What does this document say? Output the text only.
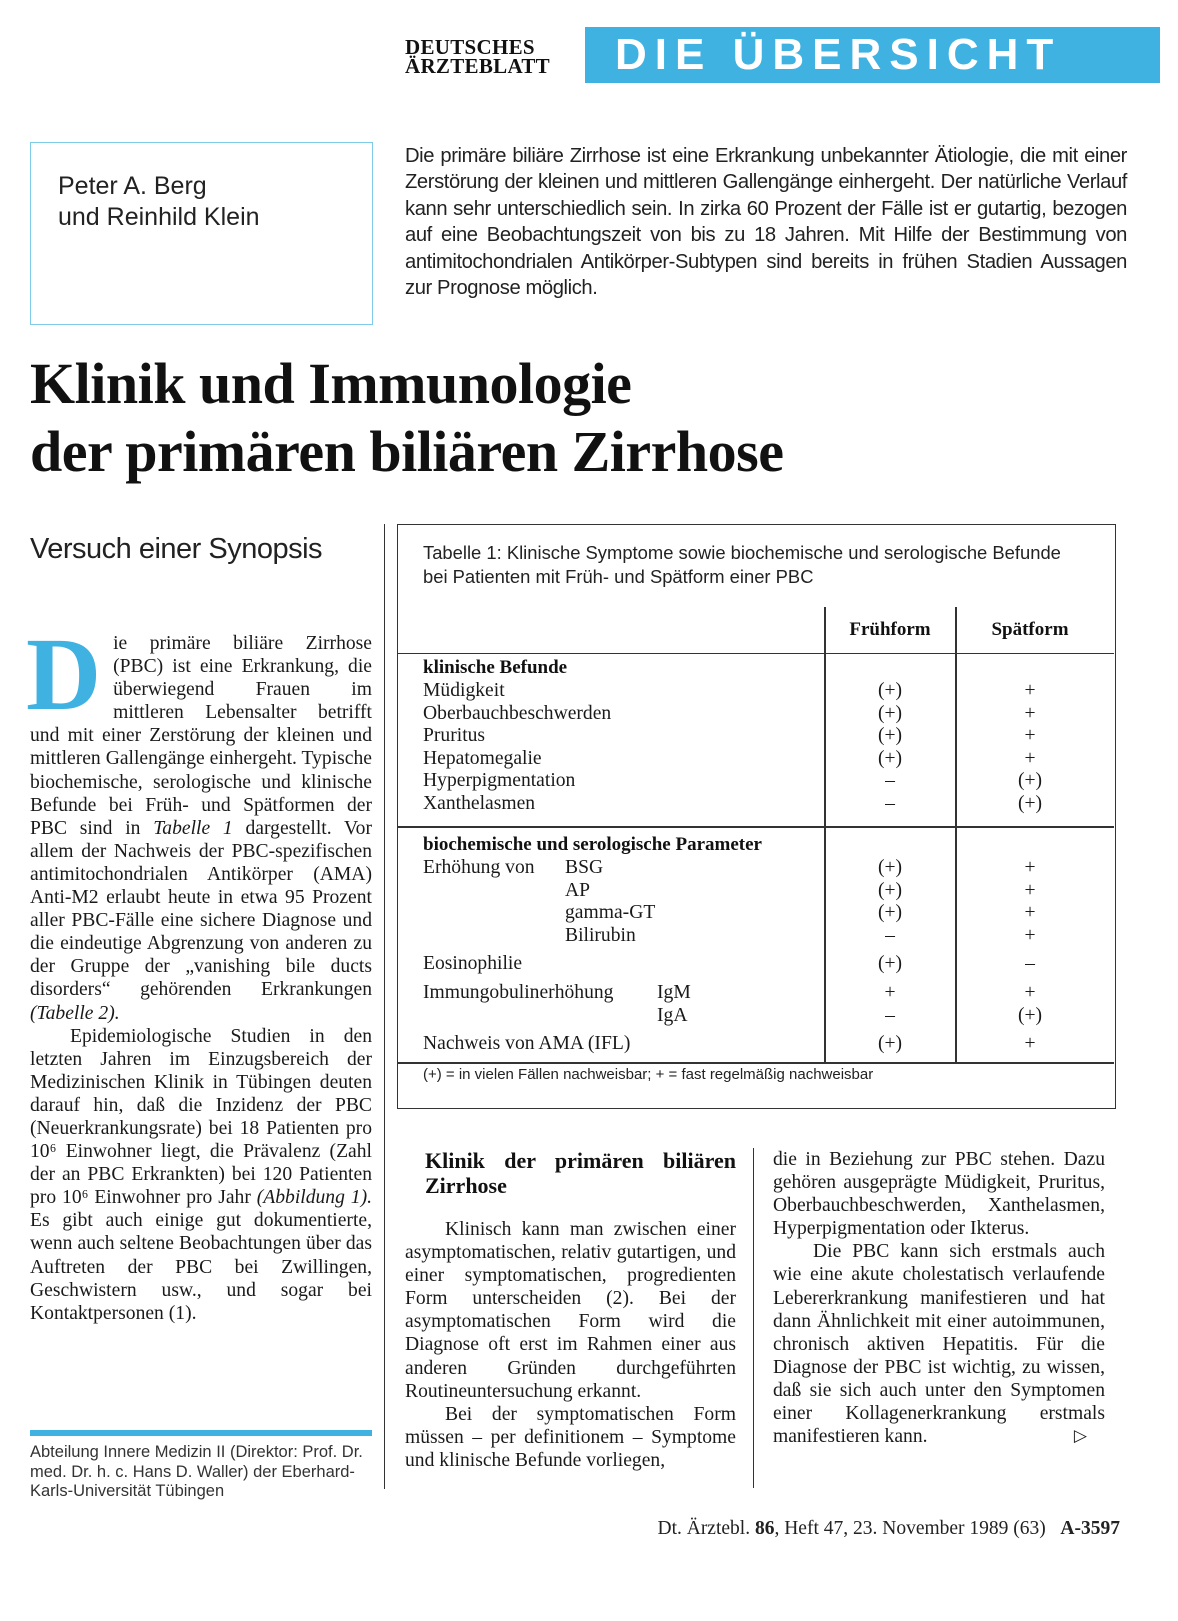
DEUTSCHES
ÄRZTEBLATT	DIE ÜBERSICHT

Peter A. Berg
und Reinhild Klein

Die primäre biliäre Zirrhose ist eine Erkrankung unbekannter Ätiologie, die mit einer Zerstörung der kleinen und mittleren Gallengänge einhergeht. Der natürliche Verlauf kann sehr unterschiedlich sein. In zirka 60 Prozent der Fälle ist er gutartig, bezogen auf eine Beobachtungszeit von bis zu 18 Jahren. Mit Hilfe der Bestimmung von antimitochondrialen Antikörper-Subtypen sind bereits in frühen Stadien Aussagen zur Prognose möglich.
Klinik und Immunologie
der primären biliären Zirrhose
Versuch einer Synopsis

D ie primäre biliäre Zirrhose (PBC) ist eine Erkrankung, die überwiegend Frauen im mittleren Lebensalter betrifft und mit einer Zerstörung der kleinen und mittleren Gallengänge einhergeht. Typische biochemische, serologische und klinische Befunde bei Früh- und Spätformen der PBC sind in Tabelle 1 dargestellt. Vor allem der Nachweis der PBC-spezifischen antimitochondrialen Antikörper (AMA) Anti-M2 erlaubt heute in etwa 95 Prozent aller PBC-Fälle eine sichere Diagnose und die eindeutige Abgrenzung von anderen zu der Gruppe der „vanishing bile ducts disorders“ gehörenden Erkrankungen (Tabelle 2).

Epidemiologische Studien in den letzten Jahren im Einzugsbereich der Medizinischen Klinik in Tübingen deuten darauf hin, daß die Inzidenz der PBC (Neuerkrankungsrate) bei 18 Patienten pro 10⁶ Einwohner liegt, die Prävalenz (Zahl der an PBC Erkrankten) bei 120 Patienten pro 10⁶ Einwohner pro Jahr (Abbildung 1). Es gibt auch einige gut dokumentierte, wenn auch seltene Beobachtungen über das Auftreten der PBC bei Zwillingen, Geschwistern usw., und sogar bei Kontaktpersonen (1).

Abteilung Innere Medizin II (Direktor: Prof. Dr. med. Dr. h. c. Hans D. Waller) der Eberhard-Karls-Universität Tübingen
Tabelle 1: Klinische Symptome sowie biochemische und serologische Befunde bei Patienten mit Früh- und Spätform einer PBC
Frühform	Spätform
klinische Befunde
Müdigkeit	(+)	+
Oberbauchbeschwerden	(+)	+
Pruritus	(+)	+
Hepatomegalie	(+)	+
Hyperpigmentation	–	(+)
Xanthelasmen	–	(+)
biochemische und serologische Parameter
Erhöhung von BSG	(+)	+
AP	(+)	+
gamma-GT	(+)	+
Bilirubin	–	+
Eosinophilie	(+)	–
Immungobulinerhöhung IgM	+	+
IgA	–	(+)
Nachweis von AMA (IFL)	(+)	+
(+) = in vielen Fällen nachweisbar; + = fast regelmäßig nachweisbar

Klinik der primären biliären Zirrhose

Klinisch kann man zwischen einer asymptomatischen, relativ gutartigen, und einer symptomatischen, progredienten Form unterscheiden (2). Bei der asymptomatischen Form wird die Diagnose oft erst im Rahmen einer aus anderen Gründen durchgeführten Routineuntersuchung erkannt.

Bei der symptomatischen Form müssen – per definitionem – Symptome und klinische Befunde vorliegen,

die in Beziehung zur PBC stehen. Dazu gehören ausgeprägte Müdigkeit, Pruritus, Oberbauchbeschwerden, Xanthelasmen, Hyperpigmentation oder Ikterus.

Die PBC kann sich erstmals auch wie eine akute cholestatisch verlaufende Lebererkrankung manifestieren und hat dann Ähnlichkeit mit einer autoimmunen, chronisch aktiven Hepatitis. Für die Diagnose der PBC ist wichtig, zu wissen, daß sie sich auch unter den Symptomen einer Kollagenerkrankung erstmals manifestieren kann.	▷

Dt. Ärztebl. 86, Heft 47, 23. November 1989 (63) A-3597
